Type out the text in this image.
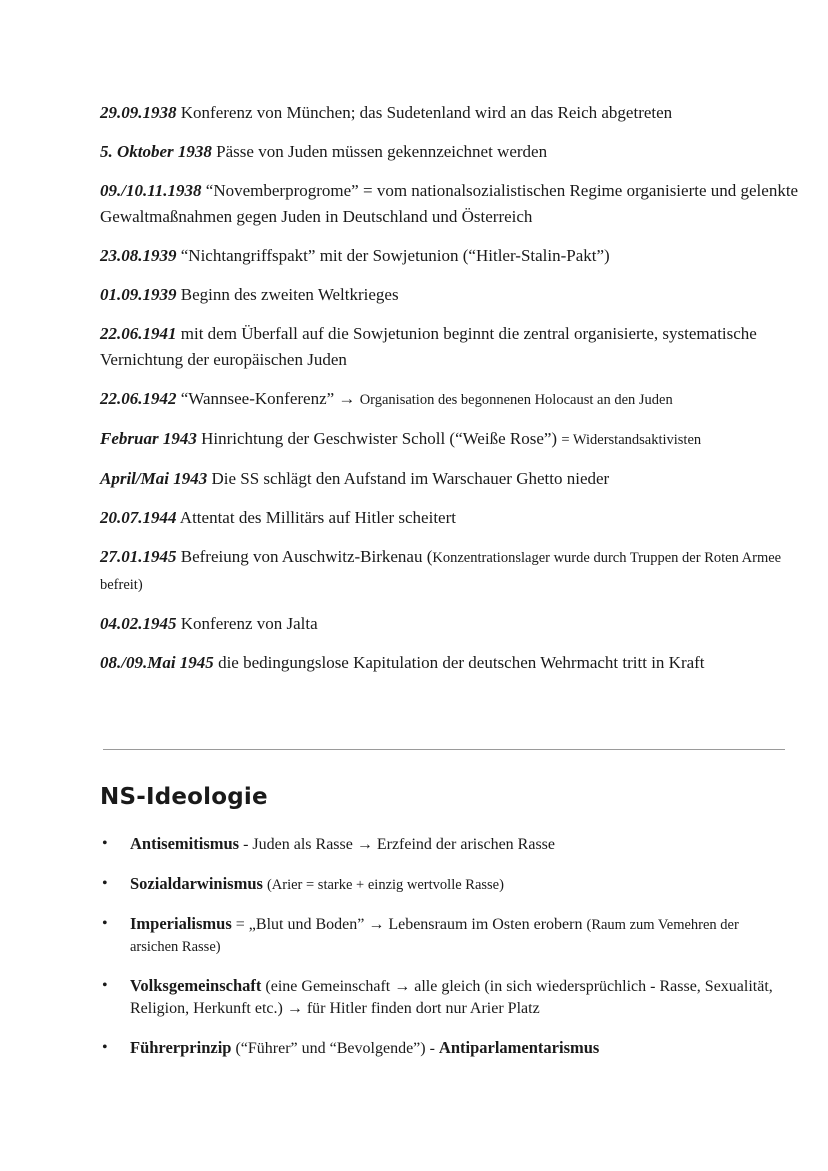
29.09.1938 Konferenz von München; das Sudetenland wird an das Reich abgetreten

5. Oktober 1938 Pässe von Juden müssen gekennzeichnet werden

09./10.11.1938 “Novemberprogrome” = vom nationalsozialistischen Regime organisierte und gelenkte Gewaltmaßnahmen gegen Juden in Deutschland und Österreich

23.08.1939 “Nichtangriffspakt” mit der Sowjetunion (“Hitler-Stalin-Pakt”)

01.09.1939 Beginn des zweiten Weltkrieges

22.06.1941 mit dem Überfall auf die Sowjetunion beginnt die zentral organisierte, systematische Vernichtung der europäischen Juden

22.06.1942 “Wannsee-Konferenz” → Organisation des begonnenen Holocaust an den Juden

Februar 1943 Hinrichtung der Geschwister Scholl (“Weiße Rose”) = Widerstandsaktivisten

April/Mai 1943 Die SS schlägt den Aufstand im Warschauer Ghetto nieder

20.07.1944 Attentat des Millitärs auf Hitler scheitert

27.01.1945 Befreiung von Auschwitz-Birkenau (Konzentrationslager wurde durch Truppen der Roten Armee befreit)

04.02.1945 Konferenz von Jalta

08./09.Mai 1945 die bedingungslose Kapitulation der deutschen Wehrmacht tritt in Kraft

NS-Ideologie
• Antisemitismus - Juden als Rasse → Erzfeind der arischen Rasse
• Sozialdarwinismus (Arier = starke + einzig wertvolle Rasse)
• Imperialismus = „Blut und Boden” → Lebensraum im Osten erobern (Raum zum Vemehren der arsichen Rasse)
• Volksgemeinschaft (eine Gemeinschaft → alle gleich (in sich wiedersprüchlich - Rasse, Sexualität, Religion, Herkunft etc.) → für Hitler finden dort nur Arier Platz
• Führerprinzip (“Führer” und “Bevolgende”) - Antiparlamentarismus
